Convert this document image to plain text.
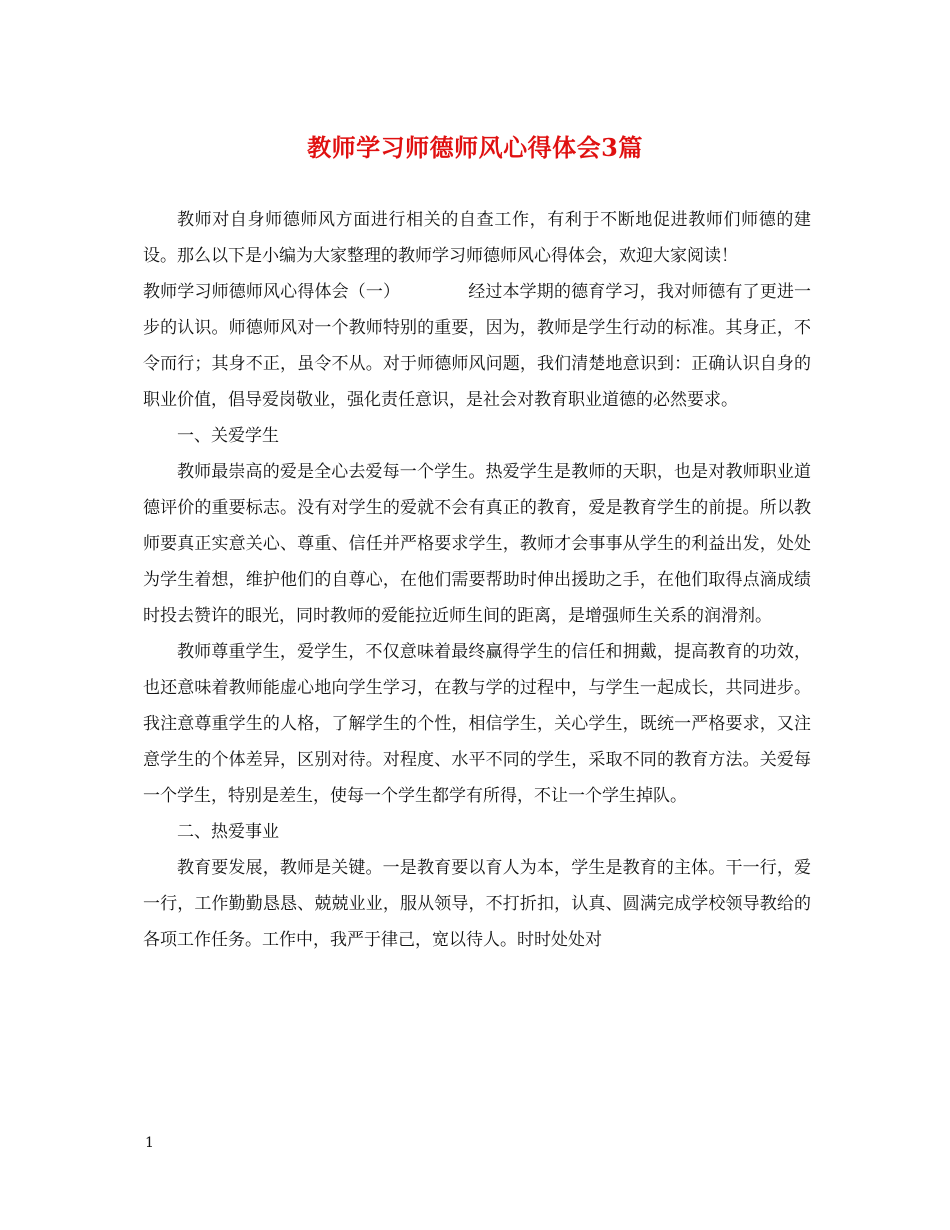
教师学习师德师风心得体会3篇

教师对自身师德师风方面进行相关的自查工作，有利于不断地促进教师们师德的建设。那么以下是小编为大家整理的教师学习师德师风心得体会，欢迎大家阅读！

教师学习师德师风心得体会（一）	经过本学期的德育学习，我对师德有了更进一步的认识。师德师风对一个教师特别的重要，因为，教师是学生行动的标准。其身正，不令而行；其身不正，虽令不从。对于师德师风问题，我们清楚地意识到：正确认识自身的职业价值，倡导爱岗敬业，强化责任意识，是社会对教育职业道德的必然要求。

一、关爱学生

教师最崇高的爱是全心去爱每一个学生。热爱学生是教师的天职，也是对教师职业道德评价的重要标志。没有对学生的爱就不会有真正的教育，爱是教育学生的前提。所以教师要真正实意关心、尊重、信任并严格要求学生，教师才会事事从学生的利益出发，处处为学生着想，维护他们的自尊心，在他们需要帮助时伸出援助之手，在他们取得点滴成绩时投去赞许的眼光，同时教师的爱能拉近师生间的距离，是增强师生关系的润滑剂。

教师尊重学生，爱学生，不仅意味着最终赢得学生的信任和拥戴，提高教育的功效，也还意味着教师能虚心地向学生学习，在教与学的过程中，与学生一起成长，共同进步。我注意尊重学生的人格，了解学生的个性，相信学生，关心学生，既统一严格要求，又注意学生的个体差异，区别对待。对程度、水平不同的学生，采取不同的教育方法。关爱每一个学生，特别是差生，使每一个学生都学有所得，不让一个学生掉队。

二、热爱事业

教育要发展，教师是关键。一是教育要以育人为本，学生是教育的主体。干一行，爱一行，工作勤勤恳恳、兢兢业业，服从领导，不打折扣，认真、圆满完成学校领导教给的各项工作任务。工作中，我严于律己，宽以待人。时时处处对

1
